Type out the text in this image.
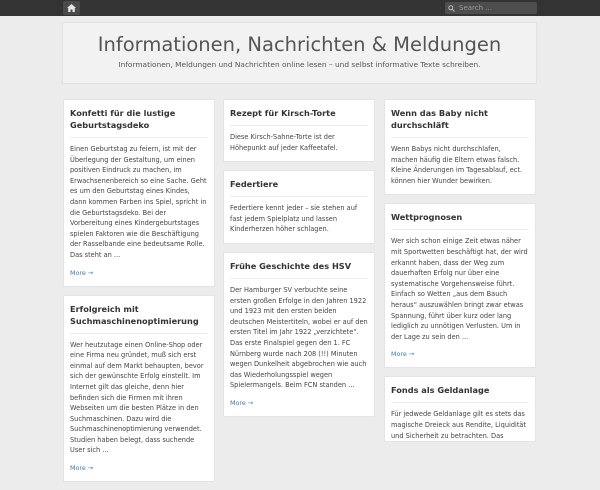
Search ...
Informationen, Nachrichten & Meldungen

Informationen, Meldungen und Nachrichten online lesen – und selbst informative Texte schreiben.

Konfetti für die lustige Geburtstagsdeko

Einen Geburtstag zu feiern, ist mit der Überlegung der Gestaltung, um einen positiven Eindruck zu machen, im Erwachsenenbereich so eine Sache. Geht es um den Geburtstag eines Kindes, dann kommen Farben ins Spiel, spricht in die Geburtstagsdeko. Bei der Vorbereitung eines Kindergeburtstages spielen Faktoren wie die Beschäftigung der Rasselbande eine bedeutsame Rolle. Das steht an ...

More →
Erfolgreich mit Suchmaschinenoptimierung

Wer heutzutage einen Online-Shop oder eine Firma neu gründet, muß sich erst einmal auf dem Markt behaupten, bevor sich der gewünschte Erfolg einstellt. Im Internet gilt das gleiche, denn hier befinden sich die Firmen mit ihren Webseiten um die besten Plätze in den Suchmaschinen. Dazu wird die Suchmaschinenoptimierung verwendet. Studien haben belegt, dass suchende User sich ...

More →
Rezept für Kirsch-Torte

Diese Kirsch-Sahne-Torte ist der Höhepunkt auf jeder Kaffeetafel.

Federtiere

Federtiere kennt jeder – sie stehen auf fast jedem Spielplatz und lassen Kinderherzen höher schlagen.

Frühe Geschichte des HSV

Der Hamburger SV verbuchte seine ersten großen Erfolge in den Jahren 1922 und 1923 mit den ersten beiden deutschen Meistertiteln, wobei er auf den ersten Titel im Jahr 1922 „verzichtete“. Das erste Finalspiel gegen den 1. FC Nürnberg wurde nach 208 (!!) Minuten wegen Dunkelheit abgebrochen wie auch das Wiederholungsspiel wegen Spielermangels. Beim FCN standen ...

More →
Wenn das Baby nicht durchschläft

Wenn Babys nicht durchschlafen, machen häufig die Eltern etwas falsch. Kleine Änderungen im Tagesablauf, ect. können hier Wunder bewirken.

Wettprognosen

Wer sich schon einige Zeit etwas näher mit Sportwetten beschäftigt hat, der wird erkannt haben, dass der Weg zum dauerhaften Erfolg nur über eine systematische Vorgehensweise führt. Einfach so Wetten „aus dem Bauch heraus“ auszuwählen bringt zwar etwas Spannung, führt über kurz oder lang lediglich zu unnötigen Verlusten. Um in der Lage zu sein den ...

More →
Fonds als Geldanlage

Für jedwede Geldanlage gilt es stets das magische Dreieck aus Rendite, Liquidität und Sicherheit zu betrachten. Das
